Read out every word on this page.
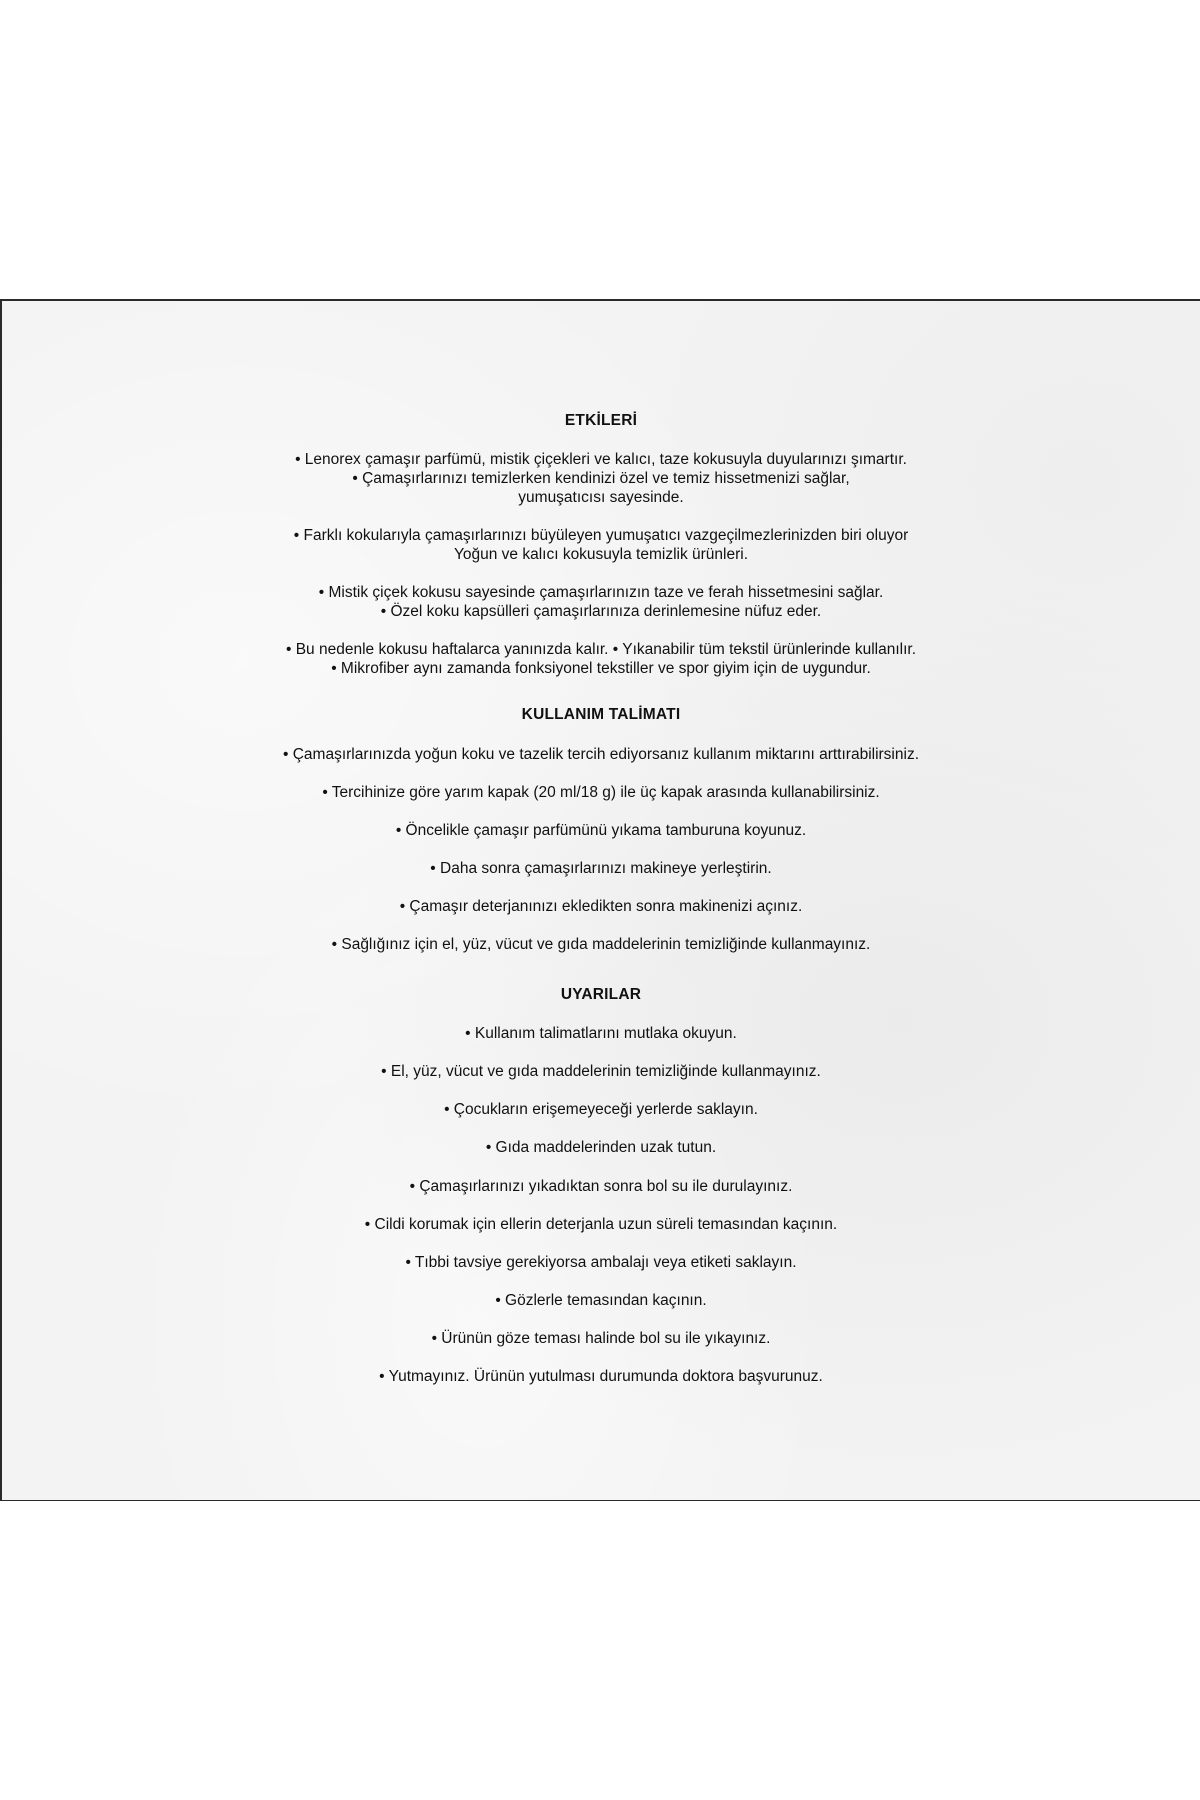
ETKİLERİ
• Lenorex çamaşır parfümü, mistik çiçekleri ve kalıcı, taze kokusuyla duyularınızı şımartır.
• Çamaşırlarınızı temizlerken kendinizi özel ve temiz hissetmenizi sağlar,
yumuşatıcısı sayesinde.
• Farklı kokularıyla çamaşırlarınızı büyüleyen yumuşatıcı vazgeçilmezlerinizden biri oluyor
Yoğun ve kalıcı kokusuyla temizlik ürünleri.
• Mistik çiçek kokusu sayesinde çamaşırlarınızın taze ve ferah hissetmesini sağlar.
• Özel koku kapsülleri çamaşırlarınıza derinlemesine nüfuz eder.
• Bu nedenle kokusu haftalarca yanınızda kalır. • Yıkanabilir tüm tekstil ürünlerinde kullanılır.
• Mikrofiber aynı zamanda fonksiyonel tekstiller ve spor giyim için de uygundur.
KULLANIM TALİMATI
• Çamaşırlarınızda yoğun koku ve tazelik tercih ediyorsanız kullanım miktarını arttırabilirsiniz.
• Tercihinize göre yarım kapak (20 ml/18 g) ile üç kapak arasında kullanabilirsiniz.
• Öncelikle çamaşır parfümünü yıkama tamburuna koyunuz.
• Daha sonra çamaşırlarınızı makineye yerleştirin.
• Çamaşır deterjanınızı ekledikten sonra makinenizi açınız.
• Sağlığınız için el, yüz, vücut ve gıda maddelerinin temizliğinde kullanmayınız.
UYARILAR
• Kullanım talimatlarını mutlaka okuyun.
• El, yüz, vücut ve gıda maddelerinin temizliğinde kullanmayınız.
• Çocukların erişemeyeceği yerlerde saklayın.
• Gıda maddelerinden uzak tutun.
• Çamaşırlarınızı yıkadıktan sonra bol su ile durulayınız.
• Cildi korumak için ellerin deterjanla uzun süreli temasından kaçının.
• Tıbbi tavsiye gerekiyorsa ambalajı veya etiketi saklayın.
• Gözlerle temasından kaçının.
• Ürünün göze teması halinde bol su ile yıkayınız.
• Yutmayınız. Ürünün yutulması durumunda doktora başvurunuz.
